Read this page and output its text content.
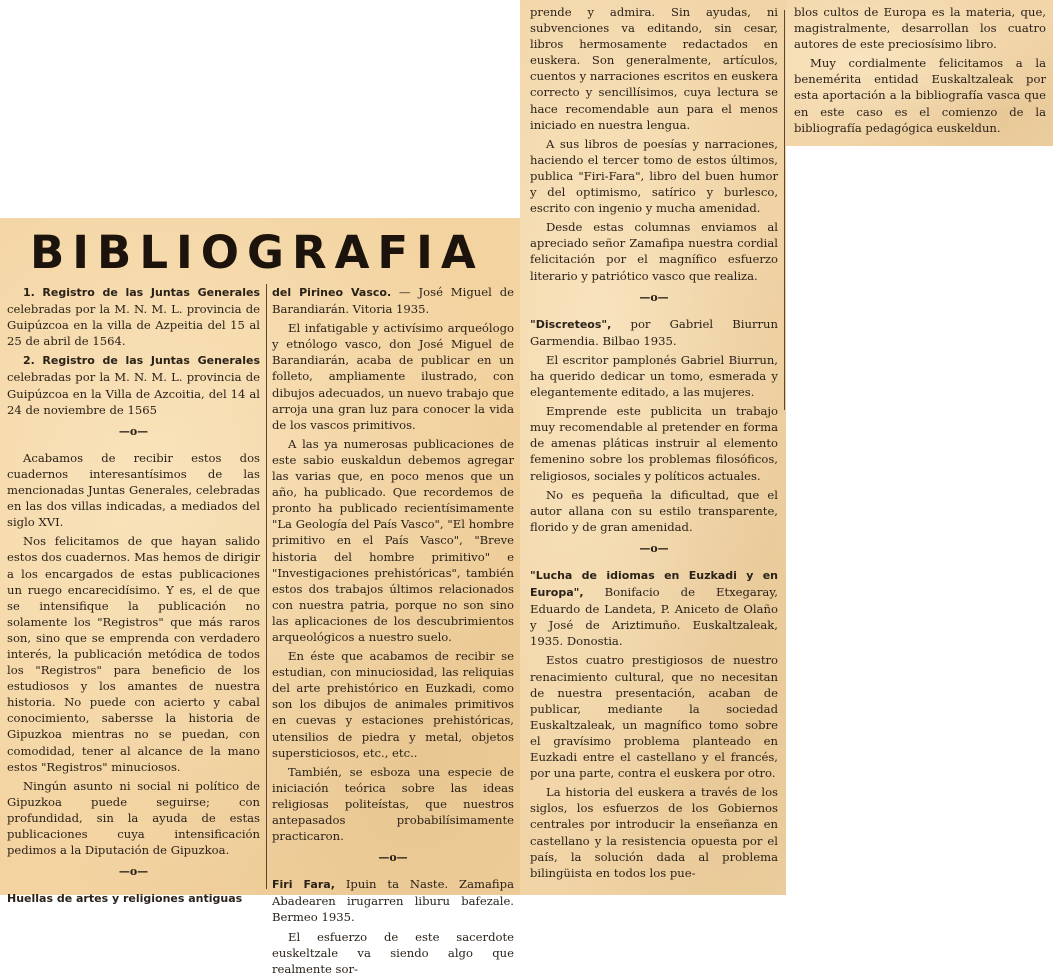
BIBLIOGRAFIA

1. Registro de las Juntas Generales celebradas por la M. N. M. L. provincia de Guipúzcoa en la villa de Azpeitia del 15 al 25 de abril de 1564.

2. Registro de las Juntas Generales celebradas por la M. N. M. L. provincia de Guipúzcoa en la Villa de Azcoitia, del 14 al 24 de noviembre de 1565

—o—

Acabamos de recibir estos dos cuadernos interesantísimos de las mencionadas Juntas Generales, celebradas en las dos villas indicadas, a mediados del siglo XVI.

Nos felicitamos de que hayan salido estos dos cuadernos. Mas hemos de dirigir a los encargados de estas publicaciones un ruego encarecidísimo. Y es, el de que se intensifique la publicación no solamente los "Registros" que más raros son, sino que se emprenda con verdadero interés, la publicación metódica de todos los "Registros" para beneficio de los estudiosos y los amantes de nuestra historia. No puede con acierto y cabal conocimiento, sabersse la historia de Gipuzkoa mientras no se puedan, con comodidad, tener al alcance de la mano estos "Registros" minuciosos.

Ningún asunto ni social ni político de Gipuzkoa puede seguirse; con profundidad, sin la ayuda de estas publicaciones cuya intensificación pedimos a la Diputación de Gipuzkoa.

—o—

Huellas de artes y religiones antiguas

del Pirineo Vasco. — José Miguel de Barandiarán. Vitoria 1935.

El infatigable y activísimo arqueólogo y etnólogo vasco, don José Miguel de Barandiarán, acaba de publicar en un folleto, ampliamente ilustrado, con dibujos adecuados, un nuevo trabajo que arroja una gran luz para conocer la vida de los vascos primitivos.

A las ya numerosas publicaciones de este sabio euskaldun debemos agregar las varias que, en poco menos que un año, ha publicado. Que recordemos de pronto ha publicado recientísimamente "La Geología del País Vasco", "El hombre primitivo en el País Vasco", "Breve historia del hombre primitivo" e "Investigaciones prehistóricas", también estos dos trabajos últimos relacionados con nuestra patria, porque no son sino las aplicaciones de los descubrimientos arqueológicos a nuestro suelo.

En éste que acabamos de recibir se estudian, con minuciosidad, las reliquias del arte prehistórico en Euzkadi, como son los dibujos de animales primitivos en cuevas y estaciones prehistóricas, utensilios de piedra y metal, objetos supersticiosos, etc., etc..

También, se esboza una especie de iniciación teórica sobre las ideas religiosas politeístas, que nuestros antepasados probabilísimamente practicaron.

—o—

Firi Fara, Ipuin ta Naste. Zamafipa Abadearen irugarren liburu bafezale. Bermeo 1935.

El esfuerzo de este sacerdote euskeltzale va siendo algo que realmente sor-

prende y admira. Sin ayudas, ni subvenciones va editando, sin cesar, libros hermosamente redactados en euskera. Son generalmente, artículos, cuentos y narraciones escritos en euskera correcto y sencillísimos, cuya lectura se hace recomendable aun para el menos iniciado en nuestra lengua.

A sus libros de poesías y narraciones, haciendo el tercer tomo de estos últimos, publica "Firi-Fara", libro del buen humor y del optimismo, satírico y burlesco, escrito con ingenio y mucha amenidad.

Desde estas columnas enviamos al apreciado señor Zamafipa nuestra cordial felicitación por el magnífico esfuerzo literario y patriótico vasco que realiza.

—o—

"Discreteos", por Gabriel Biurrun Garmendia. Bilbao 1935.

El escritor pamplonés Gabriel Biurrun, ha querido dedicar un tomo, esmerada y elegantemente editado, a las mujeres.

Emprende este publicita un trabajo muy recomendable al pretender en forma de amenas pláticas instruir al elemento femenino sobre los problemas filosóficos, religiosos, sociales y políticos actuales.

No es pequeña la dificultad, que el autor allana con su estilo transparente, florido y de gran amenidad.

—o—

"Lucha de idiomas en Euzkadi y en Europa", Bonifacio de Etxegaray, Eduardo de Landeta, P. Aniceto de Olaño y José de Ariztimuño. Euskaltzaleak, 1935. Donostia.

Estos cuatro prestigiosos de nuestro renacimiento cultural, que no necesitan de nuestra presentación, acaban de publicar, mediante la sociedad Euskaltzaleak, un magnífico tomo sobre el gravísimo problema planteado en Euzkadi entre el castellano y el francés, por una parte, contra el euskera por otro.

La historia del euskera a través de los siglos, los esfuerzos de los Gobiernos centrales por introducir la enseñanza en castellano y la resistencia opuesta por el país, la solución dada al problema bilingüista en todos los pue-

blos cultos de Europa es la materia, que, magistralmente, desarrollan los cuatro autores de este preciosísimo libro.

Muy cordialmente felicitamos a la benemérita entidad Euskaltzaleak por esta aportación a la bibliografía vasca que en este caso es el comienzo de la bibliografía pedagógica euskeldun.
